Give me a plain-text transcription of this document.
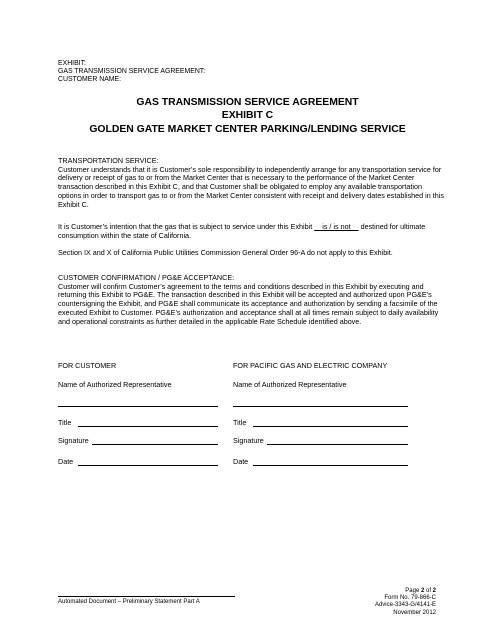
EXHIBIT:
GAS TRANSMISSION SERVICE AGREEMENT:
CUSTOMER NAME:
GAS TRANSMISSION SERVICE AGREEMENT
EXHIBIT C
GOLDEN GATE MARKET CENTER PARKING/LENDING SERVICE
TRANSPORTATION SERVICE:
Customer understands that it is Customer’s sole responsibility to independently arrange for any transportation service for delivery or receipt of gas to or from the Market Center that is necessary to the performance of the Market Center transaction described in this Exhibit C, and that Customer shall be obligated to employ any available transportation options in order to transport gas to or from the Market Center consistent with receipt and delivery dates established in this Exhibit C.
It is Customer’s intention that the gas that is subject to service under this Exhibit     is / is not     destined for ultimate consumption within the state of California.
Section IX and X of California Public Utilities Commission General Order 96-A do not apply to this Exhibit.
CUSTOMER CONFIRMATION / PG&E ACCEPTANCE:
Customer will confirm Customer’s agreement to the terms and conditions described in this Exhibit by executing and returning this Exhibit to PG&E. The transaction described in this Exhibit will be accepted and authorized upon PG&E’s countersigning the Exhibit, and PG&E shall communicate its acceptance and authorization by sending a facsimile of the executed Exhibit to Customer. PG&E’s authorization and acceptance shall at all times remain subject to daily availability and operational constraints as further detailed in the applicable Rate Schedule identified above.
FOR CUSTOMER
Name of Authorized Representative
Title
Signature
Date
FOR PACIFIC GAS AND ELECTRIC COMPANY
Name of Authorized Representative
Title
Signature
Date
Automated Document – Preliminary Statement Part A
Page 2 of 2
Form No. 79-866-C
Advice-3343-G/4141-E
November 2012
